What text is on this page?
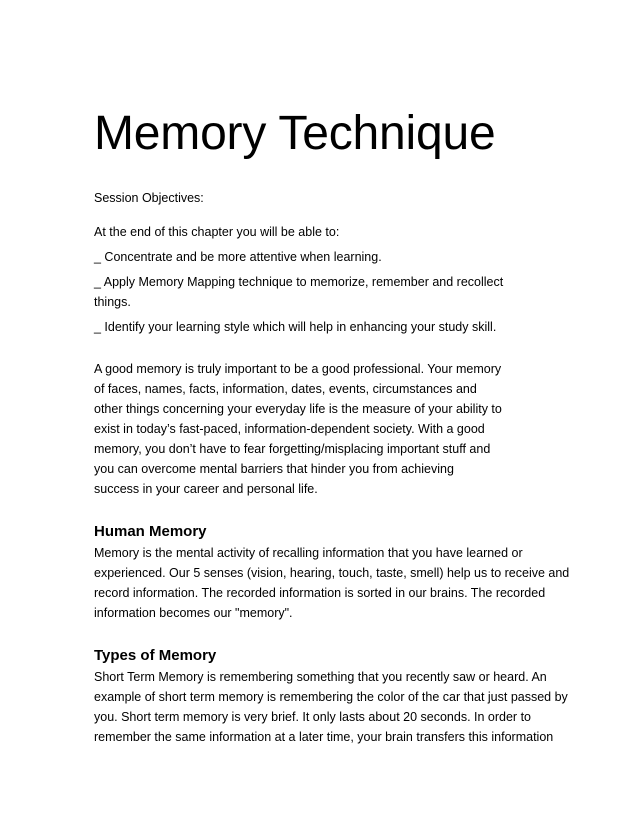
Memory Technique

Session Objectives:

At the end of this chapter you will be able to:

_ Concentrate and be more attentive when learning.
_ Apply Memory Mapping technique to memorize, remember and recollect
things.
_ Identify your learning style which will help in enhancing your study skill.

A good memory is truly important to be a good professional. Your memory

of faces, names, facts, information, dates, events, circumstances and

other things concerning your everyday life is the measure of your ability to

exist in today’s fast-paced, information-dependent society. With a good

memory, you don’t have to fear forgetting/misplacing important stuff and

you can overcome mental barriers that hinder you from achieving

success in your career and personal life.

Human Memory

Memory is the mental activity of recalling information that you have learned or

experienced. Our 5 senses (vision, hearing, touch, taste, smell) help us to receive and

record information. The recorded information is sorted in our brains. The recorded

information becomes our "memory".

Types of Memory

Short Term Memory is remembering something that you recently saw or heard. An

example of short term memory is remembering the color of the car that just passed by

you. Short term memory is very brief. It only lasts about 20 seconds. In order to

remember the same information at a later time, your brain transfers this information
